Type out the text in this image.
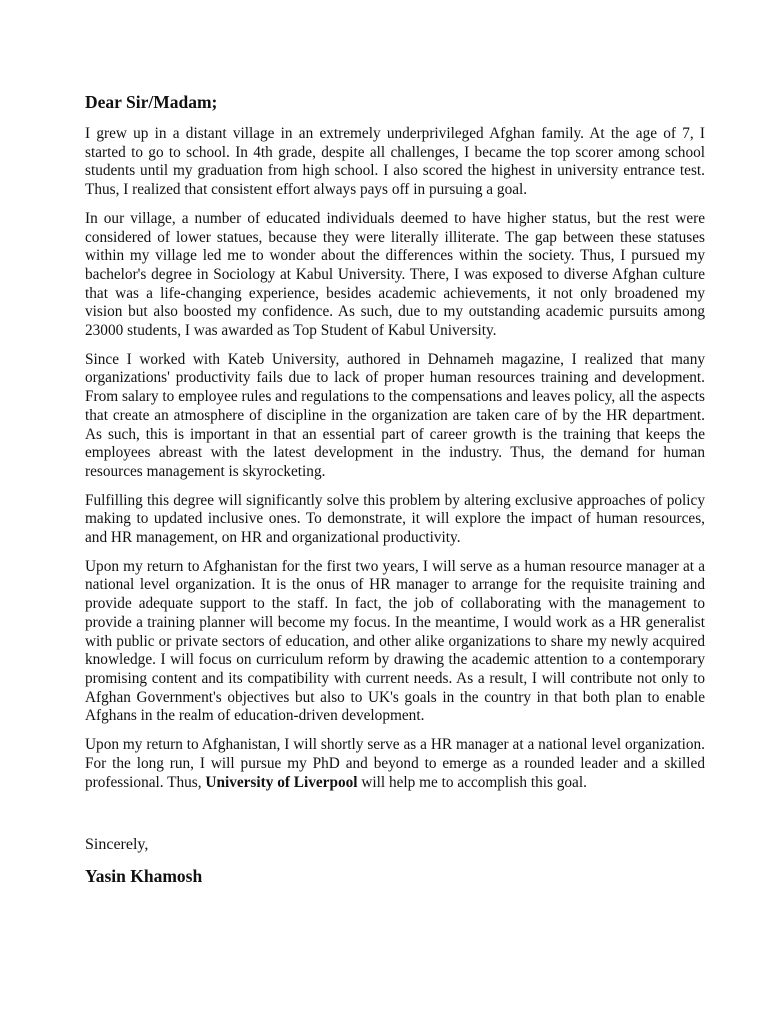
Dear Sir/Madam;

I grew up in a distant village in an extremely underprivileged Afghan family. At the age of 7, I started to go to school. In 4th grade, despite all challenges, I became the top scorer among school students until my graduation from high school. I also scored the highest in university entrance test. Thus, I realized that consistent effort always pays off in pursuing a goal.

In our village, a number of educated individuals deemed to have higher status, but the rest were considered of lower statues, because they were literally illiterate. The gap between these statuses within my village led me to wonder about the differences within the society. Thus, I pursued my bachelor's degree in Sociology at Kabul University. There, I was exposed to diverse Afghan culture that was a life-changing experience, besides academic achievements, it not only broadened my vision but also boosted my confidence. As such, due to my outstanding academic pursuits among 23000 students, I was awarded as Top Student of Kabul University.

Since I worked with Kateb University, authored in Dehnameh magazine, I realized that many organizations' productivity fails due to lack of proper human resources training and development. From salary to employee rules and regulations to the compensations and leaves policy, all the aspects that create an atmosphere of discipline in the organization are taken care of by the HR department. As such, this is important in that an essential part of career growth is the training that keeps the employees abreast with the latest development in the industry. Thus, the demand for human resources management is skyrocketing.

Fulfilling this degree will significantly solve this problem by altering exclusive approaches of policy making to updated inclusive ones. To demonstrate, it will explore the impact of human resources, and HR management, on HR and organizational productivity.

Upon my return to Afghanistan for the first two years, I will serve as a human resource manager at a national level organization. It is the onus of HR manager to arrange for the requisite training and provide adequate support to the staff. In fact, the job of collaborating with the management to provide a training planner will become my focus. In the meantime, I would work as a HR generalist with public or private sectors of education, and other alike organizations to share my newly acquired knowledge. I will focus on curriculum reform by drawing the academic attention to a contemporary promising content and its compatibility with current needs. As a result, I will contribute not only to Afghan Government's objectives but also to UK's goals in the country in that both plan to enable Afghans in the realm of education-driven development.

Upon my return to Afghanistan, I will shortly serve as a HR manager at a national level organization. For the long run, I will pursue my PhD and beyond to emerge as a rounded leader and a skilled professional. Thus, University of Liverpool will help me to accomplish this goal.

Sincerely,

Yasin Khamosh
